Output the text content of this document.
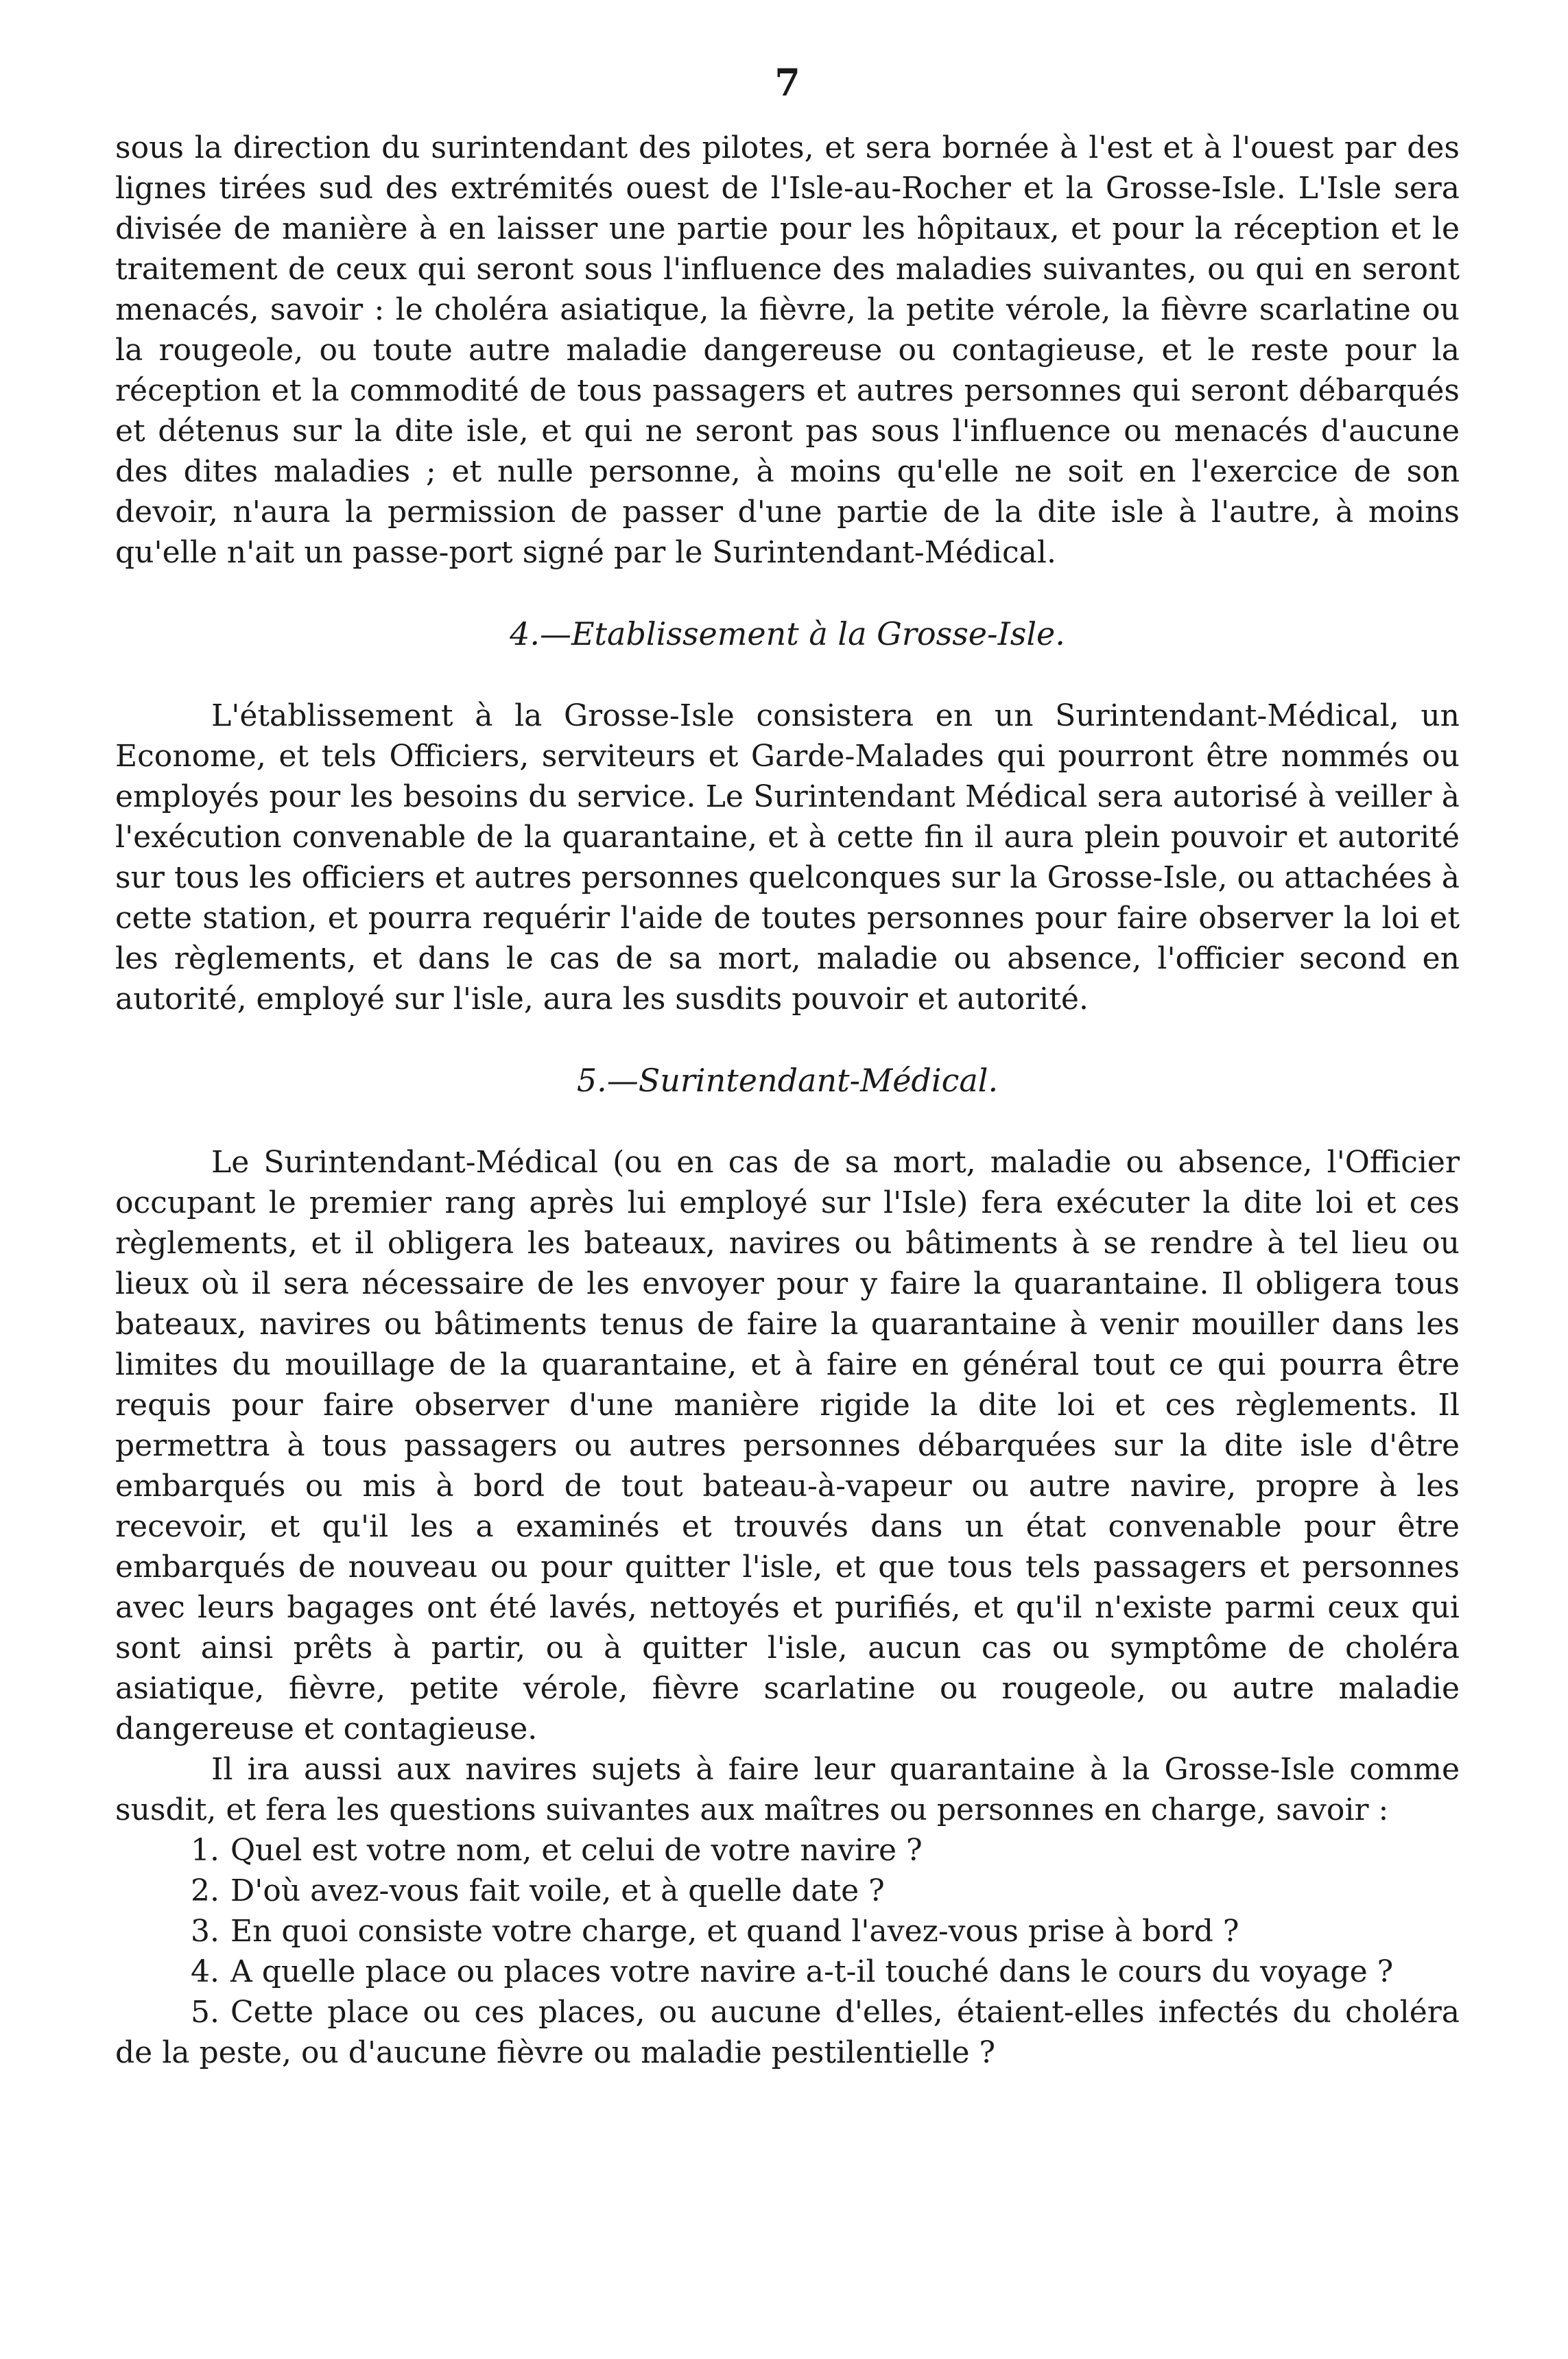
7

sous la direction du surintendant des pilotes, et sera bornée à l'est et à l'ouest par des lignes tirées sud des extrémités ouest de l'Isle-au-Rocher et la Grosse-Isle. L'Isle sera divisée de manière à en laisser une partie pour les hôpitaux, et pour la réception et le traitement de ceux qui seront sous l'influence des maladies suivantes, ou qui en seront menacés, savoir : le choléra asiatique, la fièvre, la petite vérole, la fièvre scarlatine ou la rougeole, ou toute autre maladie dangereuse ou contagieuse, et le reste pour la réception et la commodité de tous passagers et autres personnes qui seront débarqués et détenus sur la dite isle, et qui ne seront pas sous l'influence ou menacés d'aucune des dites maladies ; et nulle personne, à moins qu'elle ne soit en l'exercice de son devoir, n'aura la permission de passer d'une partie de la dite isle à l'autre, à moins qu'elle n'ait un passe-port signé par le Surintendant-Médical.

4.—Etablissement à la Grosse-Isle.

L'établissement à la Grosse-Isle consistera en un Surintendant-Médical, un Econome, et tels Officiers, serviteurs et Garde-Malades qui pourront être nommés ou employés pour les besoins du service. Le Surintendant Médical sera autorisé à veiller à l'exécution convenable de la quarantaine, et à cette fin il aura plein pouvoir et autorité sur tous les officiers et autres personnes quelconques sur la Grosse-Isle, ou attachées à cette station, et pourra requérir l'aide de toutes personnes pour faire observer la loi et les règlements, et dans le cas de sa mort, maladie ou absence, l'officier second en autorité, employé sur l'isle, aura les susdits pouvoir et autorité.

5.—Surintendant-Médical.

Le Surintendant-Médical (ou en cas de sa mort, maladie ou absence, l'Officier occupant le premier rang après lui employé sur l'Isle) fera exécuter la dite loi et ces règlements, et il obligera les bateaux, navires ou bâtiments à se rendre à tel lieu ou lieux où il sera nécessaire de les envoyer pour y faire la quarantaine. Il obligera tous bateaux, navires ou bâtiments tenus de faire la quarantaine à venir mouiller dans les limites du mouillage de la quarantaine, et à faire en général tout ce qui pourra être requis pour faire observer d'une manière rigide la dite loi et ces règlements. Il permettra à tous passagers ou autres personnes débarquées sur la dite isle d'être embarqués ou mis à bord de tout bateau-à-vapeur ou autre navire, propre à les recevoir, et qu'il les a examinés et trouvés dans un état convenable pour être embarqués de nouveau ou pour quitter l'isle, et que tous tels passagers et personnes avec leurs bagages ont été lavés, nettoyés et purifiés, et qu'il n'existe parmi ceux qui sont ainsi prêts à partir, ou à quitter l'isle, aucun cas ou symptôme de choléra asiatique, fièvre, petite vérole, fièvre scarlatine ou rougeole, ou autre maladie dangereuse et contagieuse.

Il ira aussi aux navires sujets à faire leur quarantaine à la Grosse-Isle comme susdit, et fera les questions suivantes aux maîtres ou personnes en charge, savoir :

1. Quel est votre nom, et celui de votre navire ?
2. D'où avez-vous fait voile, et à quelle date ?
3. En quoi consiste votre charge, et quand l'avez-vous prise à bord ?
4. A quelle place ou places votre navire a-t-il touché dans le cours du voyage ?
5. Cette place ou ces places, ou aucune d'elles, étaient-elles infectés du choléra de la peste, ou d'aucune fièvre ou maladie pestilentielle ?
